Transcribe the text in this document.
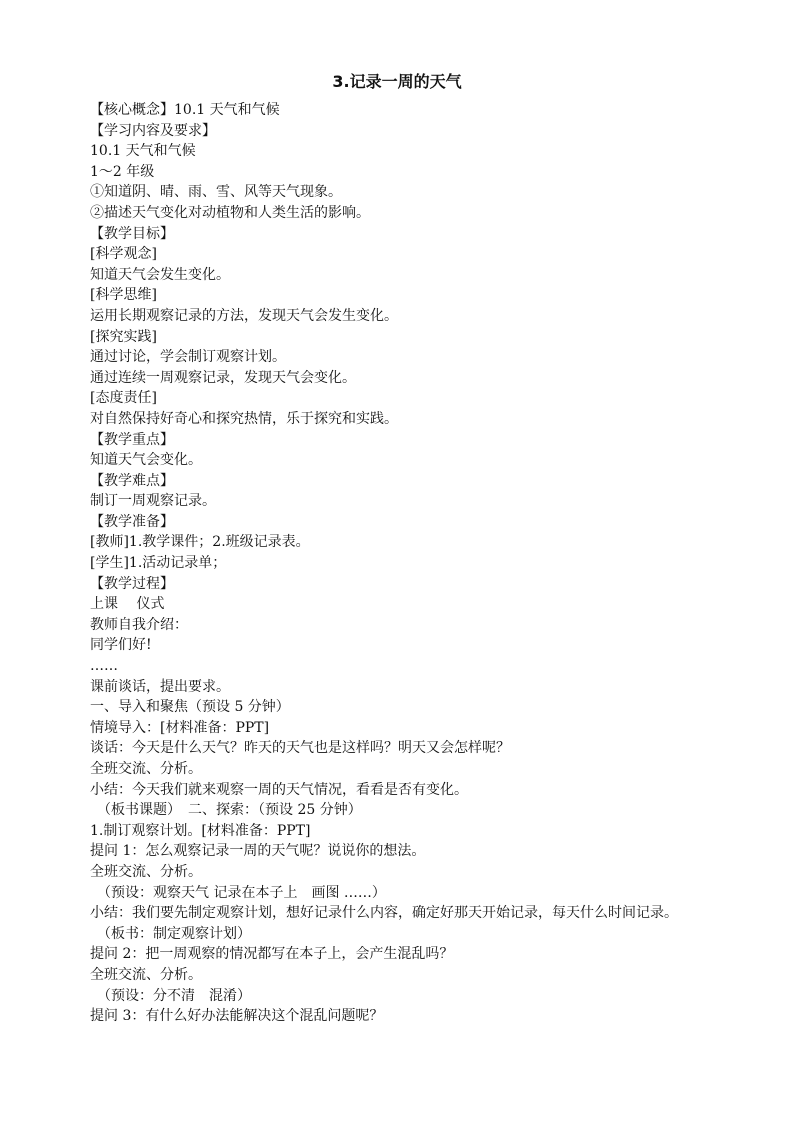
3.记录一周的天气

【核心概念】10.1 天气和气候

【学习内容及要求】

10.1 天气和气候

1～2 年级

①知道阴、晴、雨、雪、风等天气现象。

②描述天气变化对动植物和人类生活的影响。

【教学目标】

[科学观念]

知道天气会发生变化。

[科学思维]

运用长期观察记录的方法，发现天气会发生变化。

[探究实践]

通过讨论，学会制订观察计划。

通过连续一周观察记录，发现天气会变化。

[态度责任]

对自然保持好奇心和探究热情，乐于探究和实践。

【教学重点】

知道天气会变化。

【教学难点】

制订一周观察记录。

【教学准备】

[教师]1.教学课件；2.班级记录表。

[学生]1.活动记录单；

【教学过程】

上课　 仪式

教师自我介绍：

同学们好!

……

课前谈话，提出要求。

一、导入和聚焦（预设 5 分钟）

情境导入：[材料准备：PPT]

谈话：今天是什么天气？昨天的天气也是这样吗？明天又会怎样呢？

全班交流、分析。

小结：今天我们就来观察一周的天气情况，看看是否有变化。

（板书课题）　二、探索：（预设 25 分钟）

1.制订观察计划。[材料准备：PPT]

提问 1：怎么观察记录一周的天气呢？说说你的想法。

全班交流、分析。

（预设：观察天气 记录在本子上　画图 ……）

小结：我们要先制定观察计划，想好记录什么内容，确定好那天开始记录，每天什么时间记录。

（板书：制定观察计划）

提问 2：把一周观察的情况都写在本子上，会产生混乱吗？

全班交流、分析。

（预设：分不清　混淆）

提问 3：有什么好办法能解决这个混乱问题呢？
